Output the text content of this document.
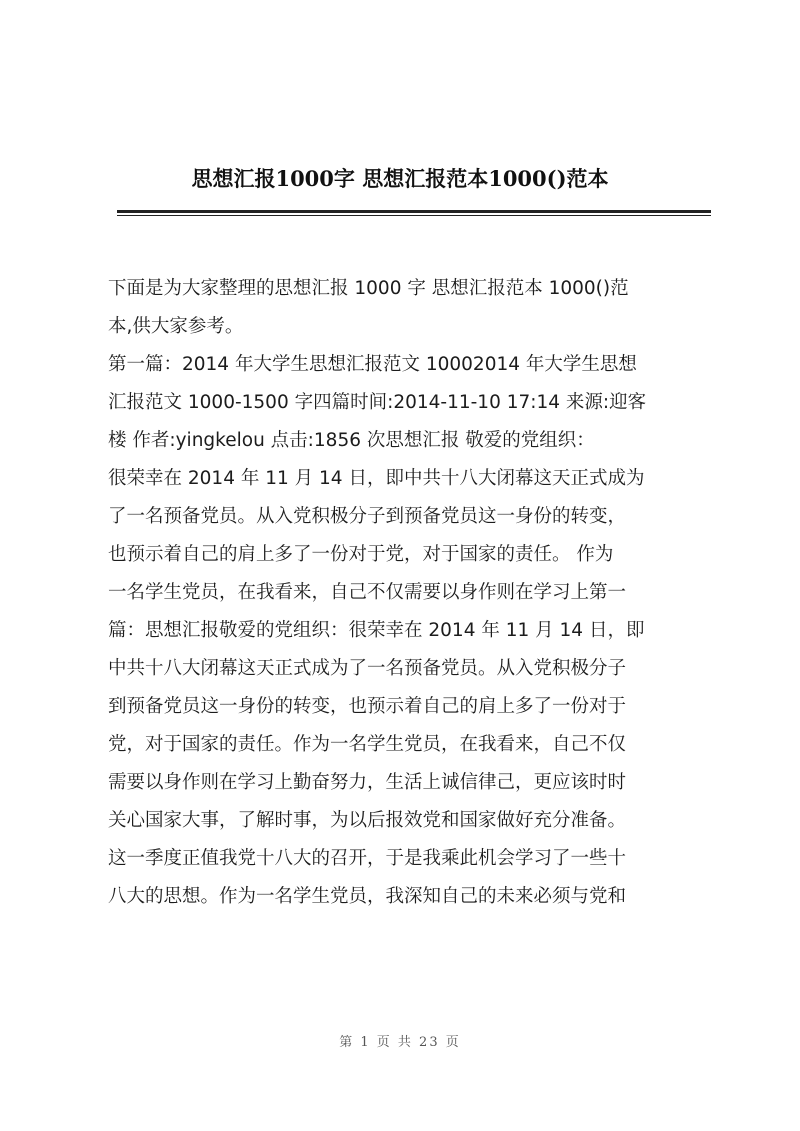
思想汇报1000字 思想汇报范本1000()范本
下面是为大家整理的思想汇报 1000 字 思想汇报范本 1000()范
本,供大家参考。
第一篇：2014 年大学生思想汇报范文 10002014 年大学生思想
汇报范文 1000-1500 字四篇时间:2014-11-10 17:14 来源:迎客
楼 作者:yingkelou 点击:1856 次思想汇报 敬爱的党组织：
很荣幸在 2014 年 11 月 14 日，即中共十八大闭幕这天正式成为
了一名预备党员。从入党积极分子到预备党员这一身份的转变，
也预示着自己的肩上多了一份对于党，对于国家的责任。 作为
一名学生党员，在我看来，自己不仅需要以身作则在学习上第一
篇：思想汇报敬爱的党组织：很荣幸在 2014 年 11 月 14 日，即
中共十八大闭幕这天正式成为了一名预备党员。从入党积极分子
到预备党员这一身份的转变，也预示着自己的肩上多了一份对于
党，对于国家的责任。作为一名学生党员，在我看来，自己不仅
需要以身作则在学习上勤奋努力，生活上诚信律己，更应该时时
关心国家大事，了解时事，为以后报效党和国家做好充分准备。
这一季度正值我党十八大的召开，于是我乘此机会学习了一些十
八大的思想。作为一名学生党员，我深知自己的未来必须与党和
第 1 页 共 23 页
